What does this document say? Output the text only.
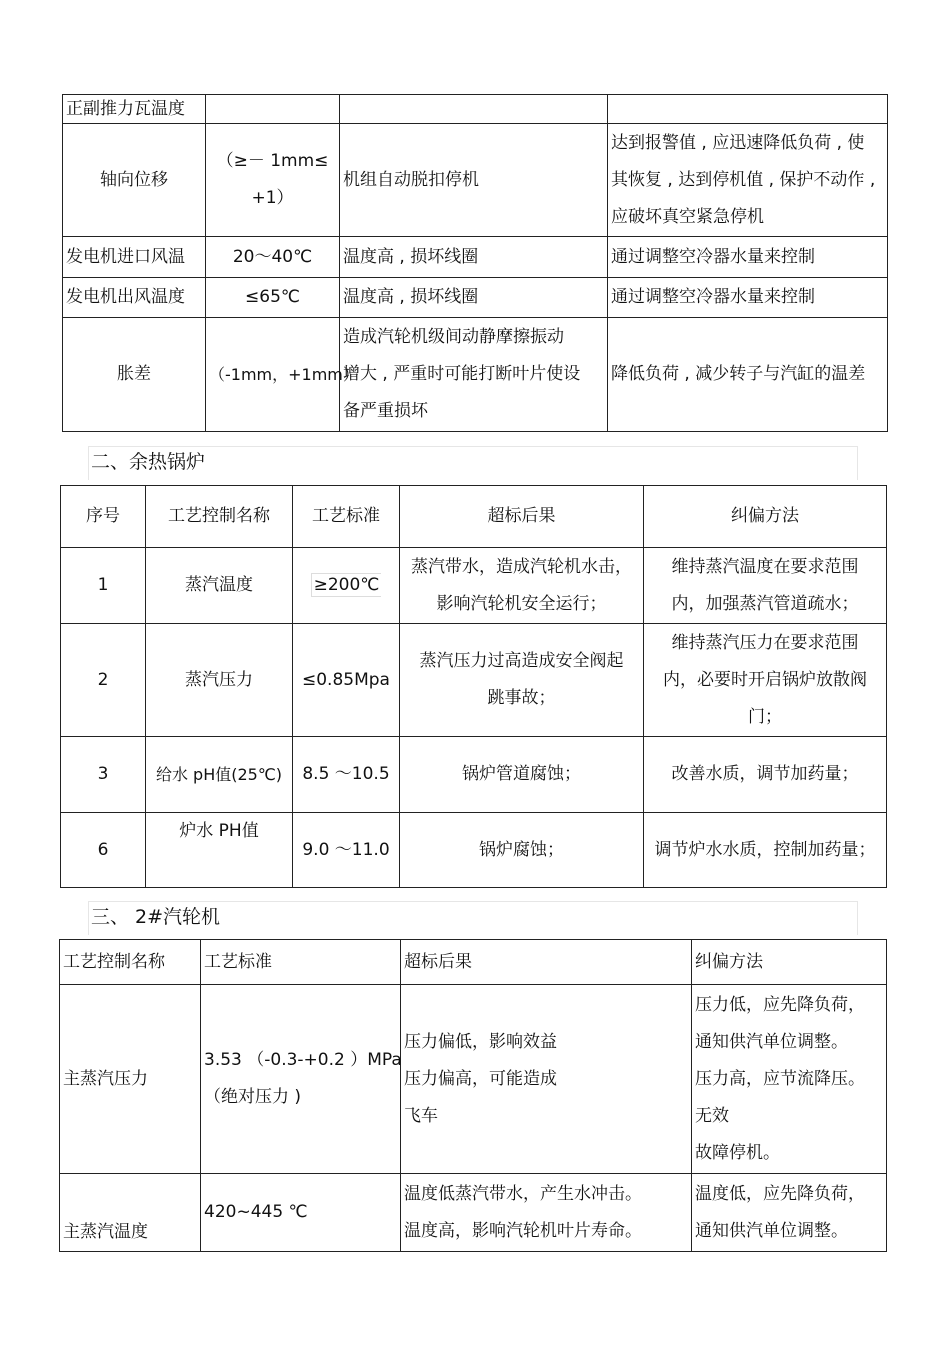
正副推力瓦温度			
轴向位移	（≥－ 1mm≤
+1）	机组自动脱扣停机	达到报警值 , 应迅速降低负荷 , 使
其恢复 , 达到停机值 , 保护不动作 ,
应破坏真空紧急停机

发电机进口风温	20～40℃	温度高 , 损坏线圈	通过调整空冷器水量来控制
发电机出风温度	≤65℃	温度高 , 损坏线圈	通过调整空冷器水量来控制
胀差	（-1mm，+1mm）	造成汽轮机级间动静摩擦振动
增大 , 严重时可能打断叶片使设
备严重损坏	降低负荷 , 减少转子与汽缸的温差
二、余热锅炉
序号	工艺控制名称	工艺标准	超标后果	纠偏方法
1	蒸汽温度	≥200℃	蒸汽带水，造成汽轮机水击，
影响汽轮机安全运行；	维持蒸汽温度在要求范围
内，加强蒸汽管道疏水；

2	蒸汽压力	≤0.85Mpa	蒸汽压力过高造成安全阀起
跳事故；	维持蒸汽压力在要求范围
内，必要时开启锅炉放散阀
门；

3	给水 pH值(25℃)	8.5 ～10.5	锅炉管道腐蚀；	改善水质，调节加药量；
6	炉水 PH值	9.0 ～11.0	锅炉腐蚀；	调节炉水水质，控制加药量；
三、 2#汽轮机
工艺控制名称	工艺标准	超标后果	纠偏方法
主蒸汽压力	3.53 （-0.3-+0.2 ）MPa
（绝对压力 )	压力偏低，影响效益
压力偏高，可能造成
飞车	压力低，应先降负荷，
通知供汽单位调整。
压力高，应节流降压。
无效
故障停机。

主蒸汽温度	420~445 ℃	温度低蒸汽带水，产生水冲击。
温度高，影响汽轮机叶片寿命。	温度低，应先降负荷，
通知供汽单位调整。
